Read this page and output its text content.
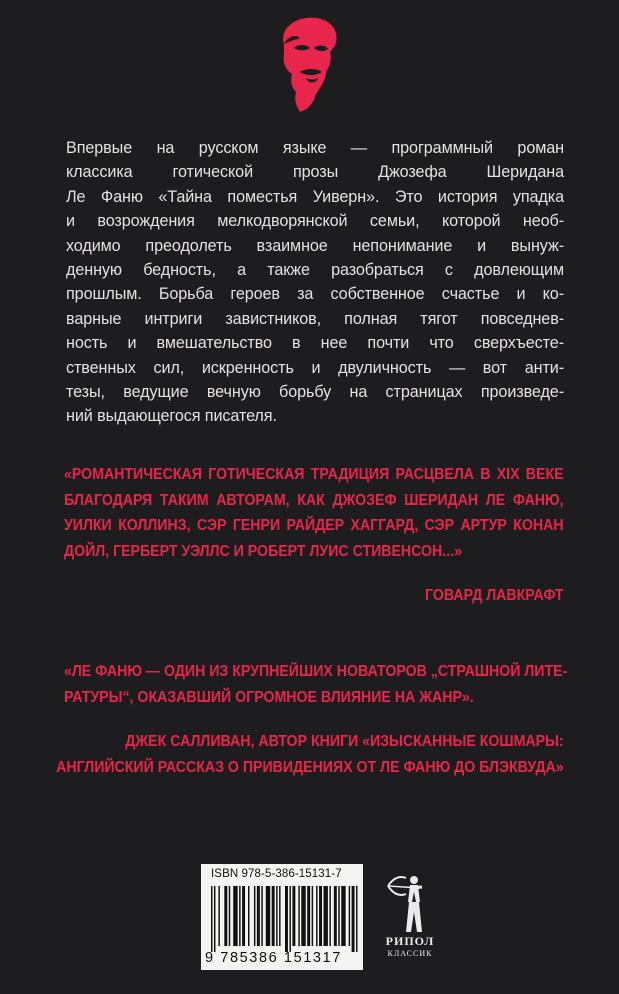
Впервые на русском языке — программный роман
классика готической прозы Джозефа Шеридана
Ле Фаню «Тайна поместья Уиверн». Это история упадка
и возрождения мелкодворянской семьи, которой необ-
ходимо преодолеть взаимное непонимание и вынуж-
денную бедность, а также разобраться с довлеющим
прошлым. Борьба героев за собственное счастье и ко-
варные интриги завистников, полная тягот повседнев-
ность и вмешательство в нее почти что сверхъесте-
ственных сил, искренность и двуличность — вот анти-
тезы, ведущие вечную борьбу на страницах произведе-
ний выдающегося писателя.
«РОМАНТИЧЕСКАЯ ГОТИЧЕСКАЯ ТРАДИЦИЯ РАСЦВЕЛА В XIX ВЕКЕ
БЛАГОДАРЯ ТАКИМ АВТОРАМ, КАК ДЖОЗЕФ ШЕРИДАН ЛЕ ФАНЮ,
УИЛКИ КОЛЛИНЗ, СЭР ГЕНРИ РАЙДЕР ХАГГАРД, СЭР АРТУР КОНАН
ДОЙЛ, ГЕРБЕРТ УЭЛЛС И РОБЕРТ ЛУИС СТИВЕНСОН...»
ГОВАРД ЛАВКРАФТ
«ЛЕ ФАНЮ — ОДИН ИЗ КРУПНЕЙШИХ НОВАТОРОВ „СТРАШНОЙ ЛИТЕ-
РАТУРЫ“, ОКАЗАВШИЙ ОГРОМНОЕ ВЛИЯНИЕ НА ЖАНР».
ДЖЕК САЛЛИВАН, АВТОР КНИГИ «ИЗЫСКАННЫЕ КОШМАРЫ:
АНГЛИЙСКИЙ РАССКАЗ О ПРИВИДЕНИЯХ ОТ ЛЕ ФАНЮ ДО БЛЭКВУДА»
ISBN 978-5-386-15131-7
9 785386 151317
РИПОЛ
КЛАССИК
